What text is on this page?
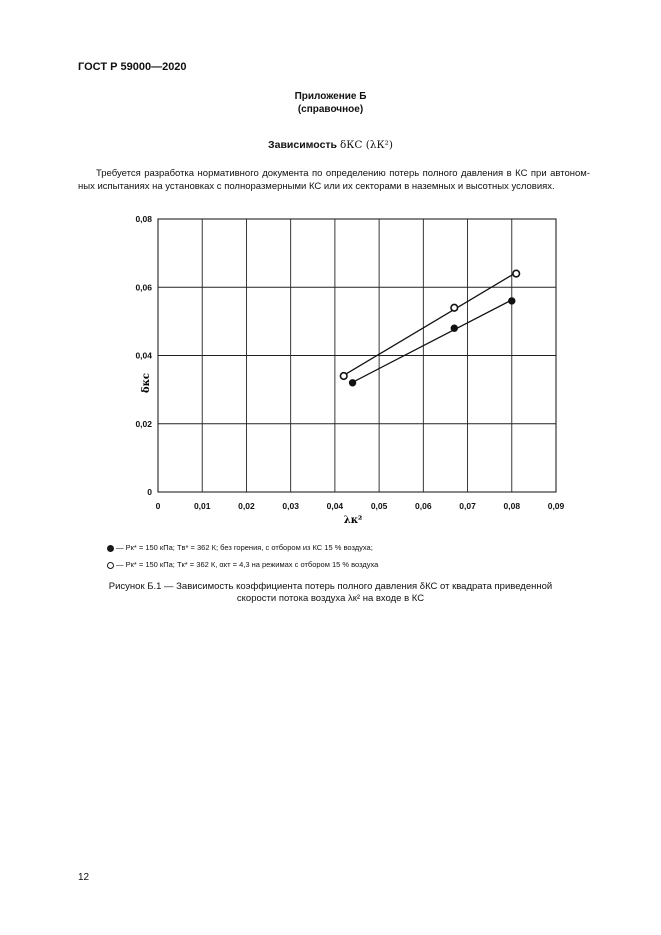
ГОСТ Р 59000—2020
Приложение Б
(справочное)
Зависимость δКС (λК²)
Требуется разработка нормативного документа по определению потерь полного давления в КС при автоном-
ных испытаниях на установках с полноразмерными КС или их секторами в наземных и высотных условиях.
0	0,01	0,02	0,03	0,04	0,05	0,06	0,07	0,08	0,09
0
0,02
0,04
0,06
0,08
λк²
δкс
— Pк* = 150 кПа; Tв* = 362 К; без горения, с отбором из КС 15 % воздуха;
— Pк* = 150 кПа; Tк* = 362 К, αкт = 4,3 на режимах с отбором 15 % воздуха
Рисунок Б.1 — Зависимость коэффициента потерь полного давления δКС от квадрата приведенной
скорости потока воздуха λк² на входе в КС
12
